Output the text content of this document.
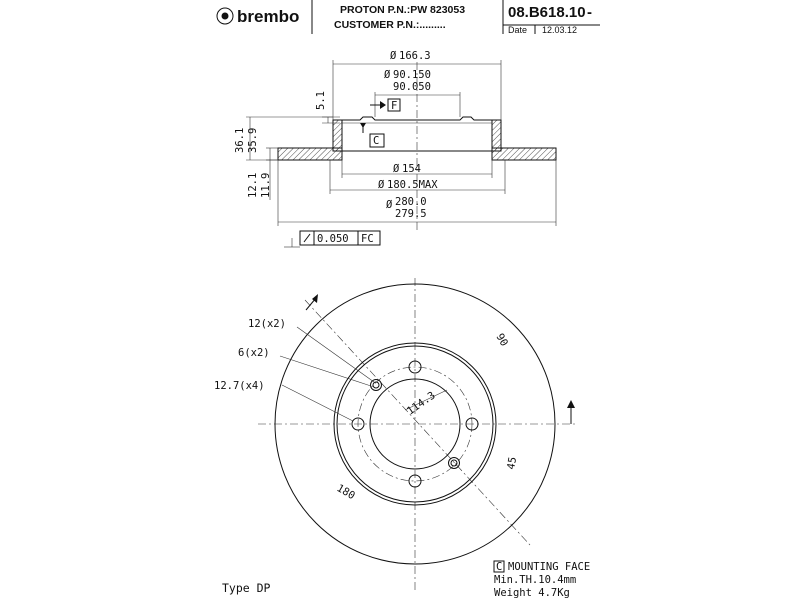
brembo	PROTON P.N.:PW 823053
CUSTOMER P.N.:.........
08.B618.10 -
Date 12.03.12
Ø 166.3
Ø 90.150
90.050
F
C
5.1
36.1 35.9
12.1 11.9
Ø 154
Ø 180.5MAX
Ø 280.0
279.5
0.050 FC
12(x2)
6(x2)
12.7(x4)
114.3
90
45
180
C MOUNTING FACE
Min.TH.10.4mm
Weight 4.7Kg
Type DP
